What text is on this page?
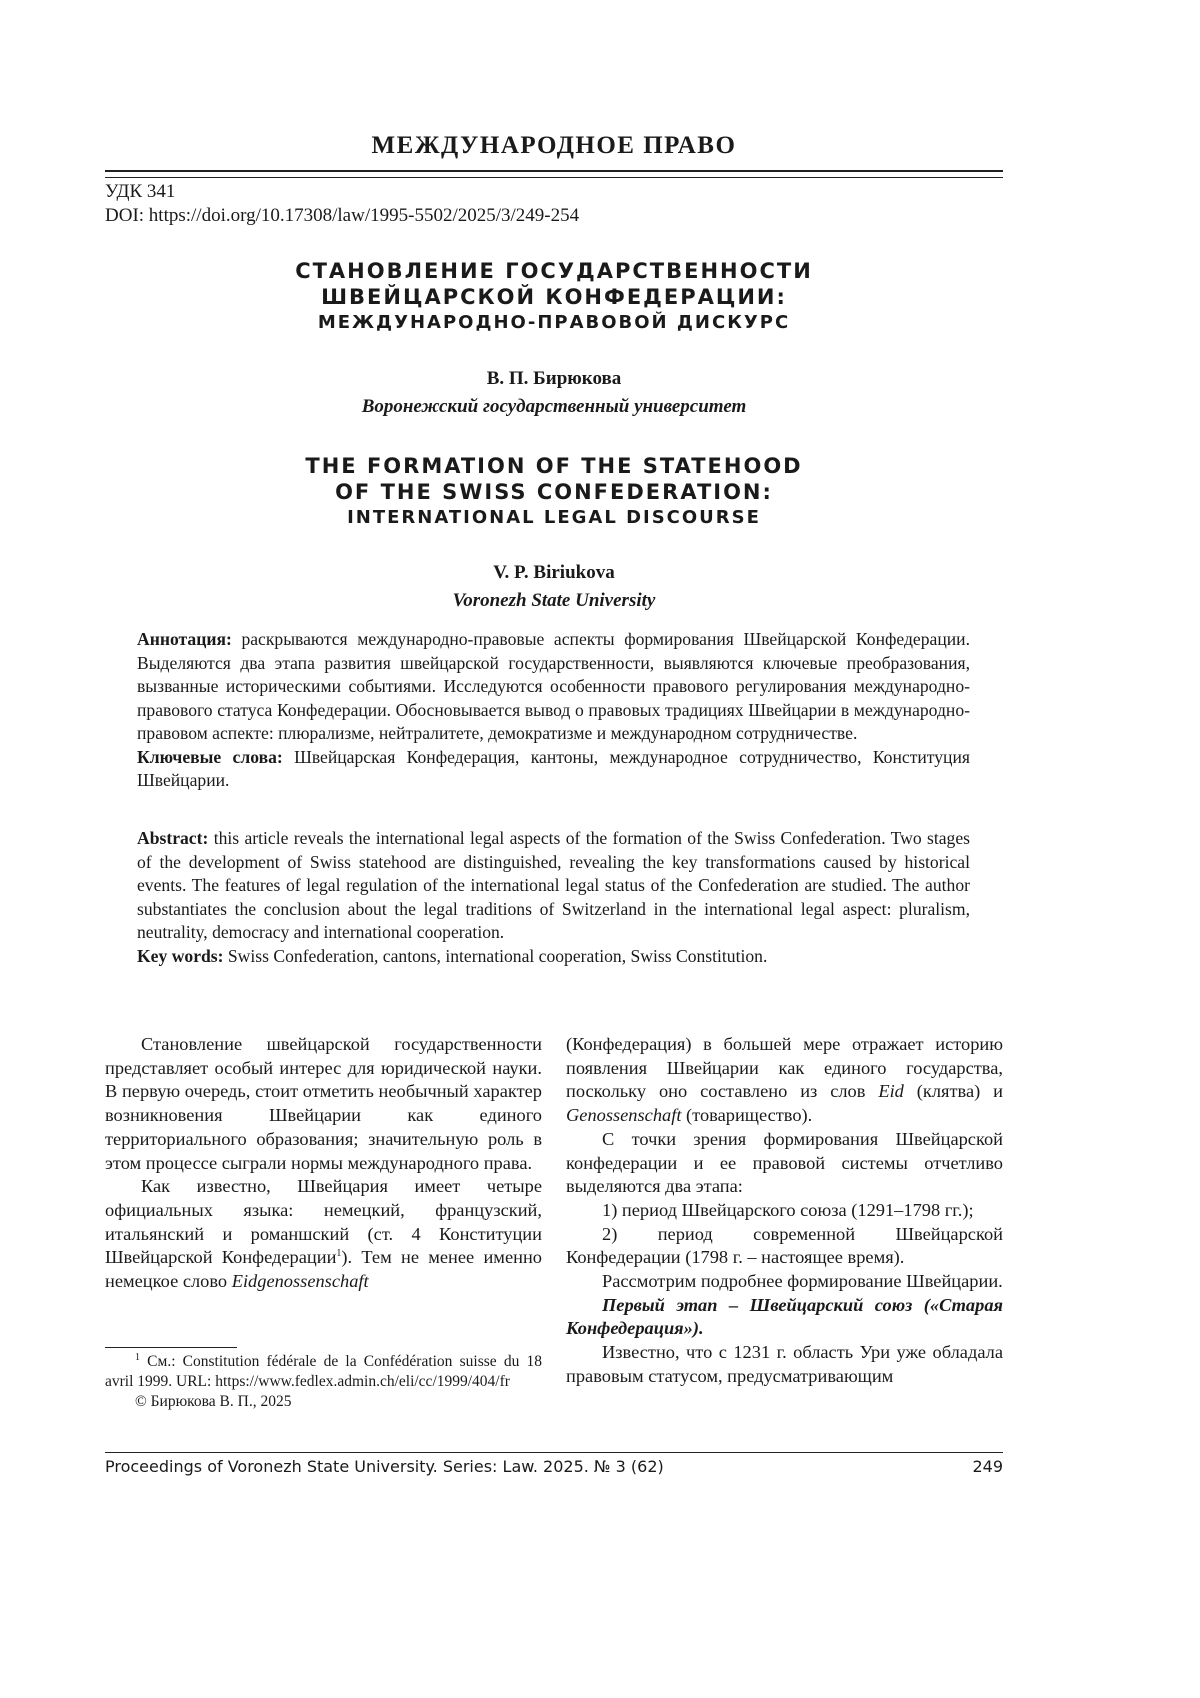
МЕЖДУНАРОДНОЕ ПРАВО
УДК 341
DOI: https://doi.org/10.17308/law/1995-5502/2025/3/249-254
СТАНОВЛЕНИЕ ГОСУДАРСТВЕННОСТИ
ШВЕЙЦАРСКОЙ КОНФЕДЕРАЦИИ:
МЕЖДУНАРОДНО-ПРАВОВОЙ ДИСКУРС
В. П. Бирюкова
Воронежский государственный университет
THE FORMATION OF THE STATEHOOD
OF THE SWISS CONFEDERATION:
INTERNATIONAL LEGAL DISCOURSE
V. P. Biriukova
Voronezh State University

Аннотация: раскрываются международно-правовые аспекты формирования Швейцарской Конфедерации. Выделяются два этапа развития швейцарской государственности, выявляются ключевые преобразования, вызванные историческими событиями. Исследуются особенности правового регулирования международно-правового статуса Конфедерации. Обосновывается вывод о правовых традициях Швейцарии в международно-правовом аспекте: плюрализме, нейтралитете, демократизме и международном сотрудничестве.

Ключевые слова: Швейцарская Конфедерация, кантоны, международное сотрудничество, Конституция Швейцарии.

Abstract: this article reveals the international legal aspects of the formation of the Swiss Confederation. Two stages of the development of Swiss statehood are distinguished, revealing the key transformations caused by historical events. The features of legal regulation of the international legal status of the Confederation are studied. The author substantiates the conclusion about the legal traditions of Switzerland in the international legal aspect: pluralism, neutrality, democracy and international cooperation.

Key words: Swiss Confederation, cantons, international cooperation, Swiss Constitution.

Становление швейцарской государственности представляет особый интерес для юридической науки. В первую очередь, стоит отметить необычный характер возникновения Швейцарии как единого территориального образования; значительную роль в этом процессе сыграли нормы международного права.

Как известно, Швейцария имеет четыре официальных языка: немецкий, французский, итальянский и романшский (ст. 4 Конституции Швейцарской Конфедерации1). Тем не менее именно немецкое слово Eidgenossenschaft

(Конфедерация) в большей мере отражает историю появления Швейцарии как единого государства, поскольку оно составлено из слов Eid (клятва) и Genossenschaft (товарищество).

С точки зрения формирования Швейцарской конфедерации и ее правовой системы отчетливо выделяются два этапа:

1) период Швейцарского союза (1291–1798 гг.);

2) период современной Швейцарской Конфедерации (1798 г. – настоящее время).

Рассмотрим подробнее формирование Швейцарии.

Первый этап – Швейцарский союз («Старая Конфедерация»).

Известно, что с 1231 г. область Ури уже обладала правовым статусом, предусматривающим

1 См.: Constitution fédérale de la Confédération suisse du 18 avril 1999. URL: https://www.fedlex.admin.ch/eli/cc/1999/404/fr

© Бирюкова В. П., 2025

Proceedings of Voronezh State University. Series: Law. 2025. № 3 (62)	249
